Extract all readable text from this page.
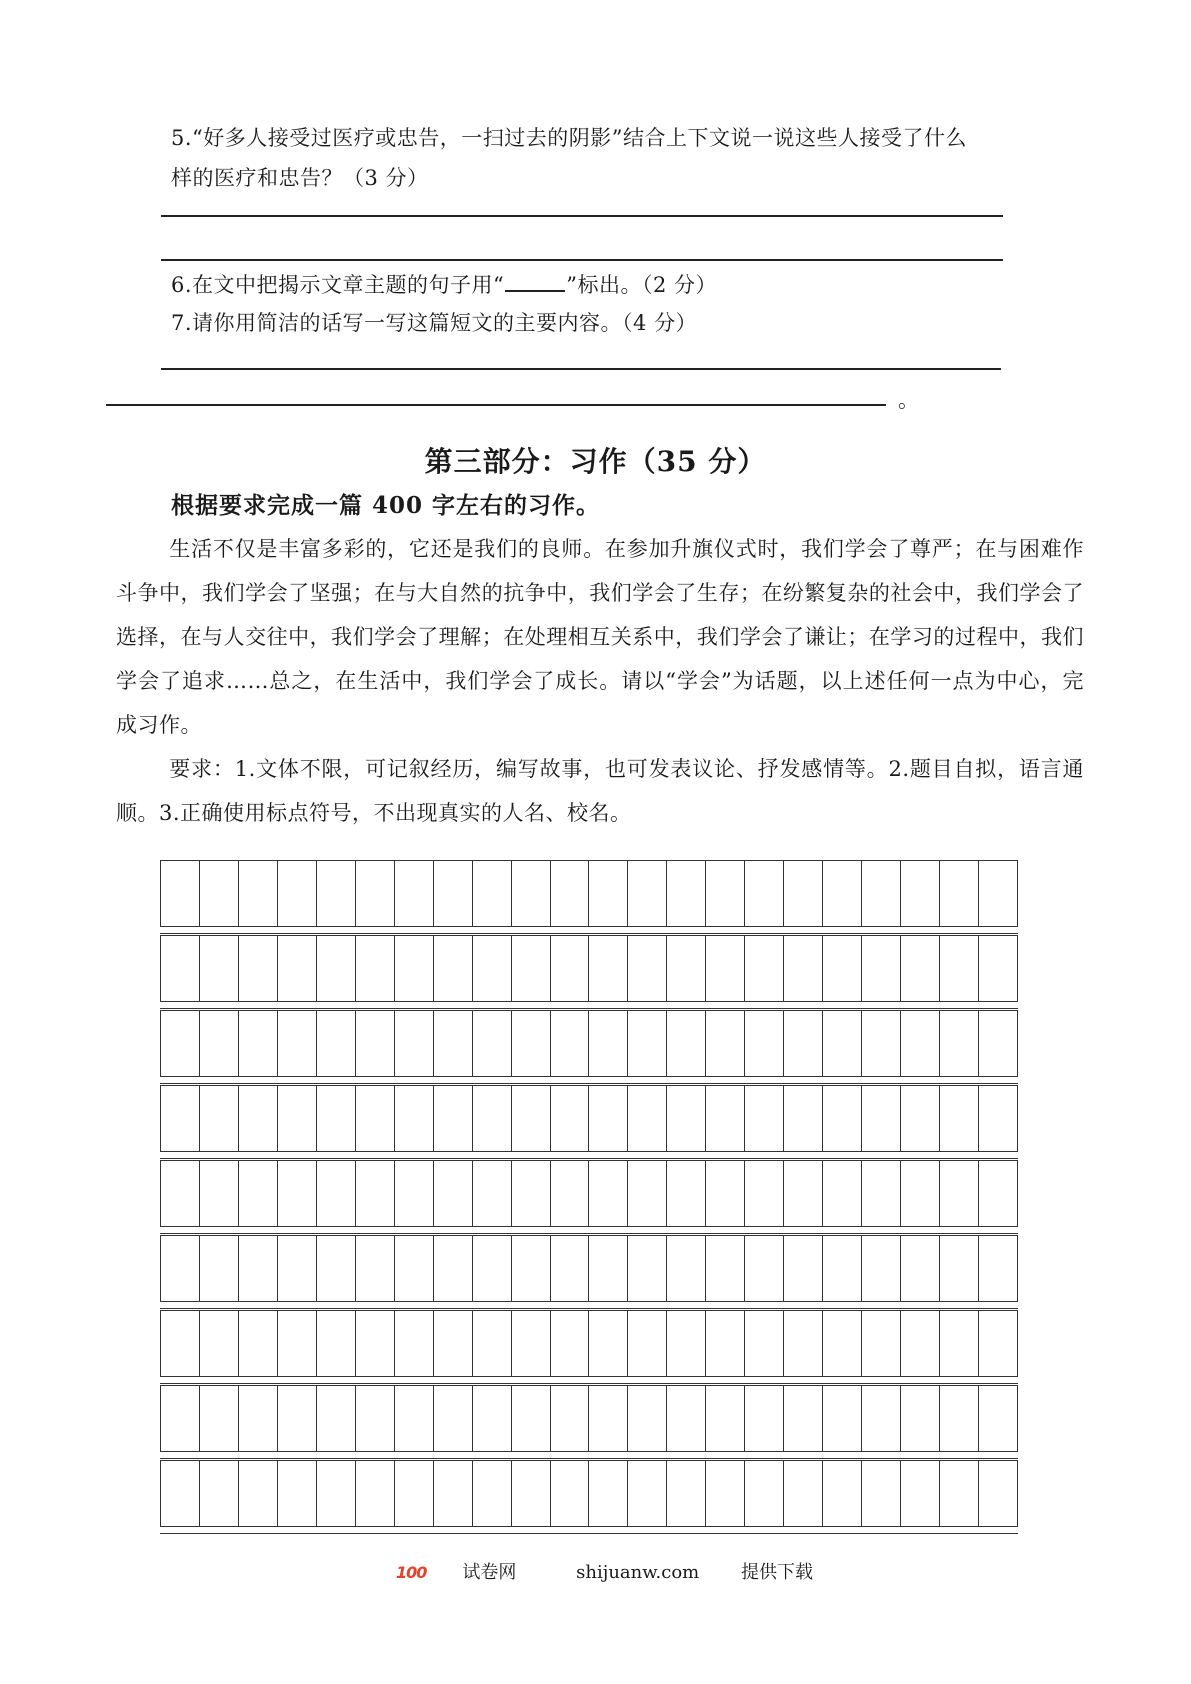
5.“好多人接受过医疗或忠告，一扫过去的阴影”结合上下文说一说这些人接受了什么
样的医疗和忠告？（3 分）
6.在文中把揭示文章主题的句子用“	”标出。（2 分）
7.请你用简洁的话写一写这篇短文的主要内容。（4 分）
。
第三部分：习作（35 分）
根据要求完成一篇 400 字左右的习作。
生活不仅是丰富多彩的，它还是我们的良师。在参加升旗仪式时，我们学会了尊严；在与困难作斗争中，我们学会了坚强；在与大自然的抗争中，我们学会了生存；在纷繁复杂的社会中，我们学会了选择，在与人交往中，我们学会了理解；在处理相互关系中，我们学会了谦让；在学习的过程中，我们学会了追求……总之，在生活中，我们学会了成长。请以“学会”为话题，以上述任何一点为中心，完成习作。
要求：1.文体不限，可记叙经历，编写故事，也可发表议论、抒发感情等。2.题目自拟，语言通顺。3.正确使用标点符号，不出现真实的人名、校名。
100 试卷网	shijuanw.com 提供下载
